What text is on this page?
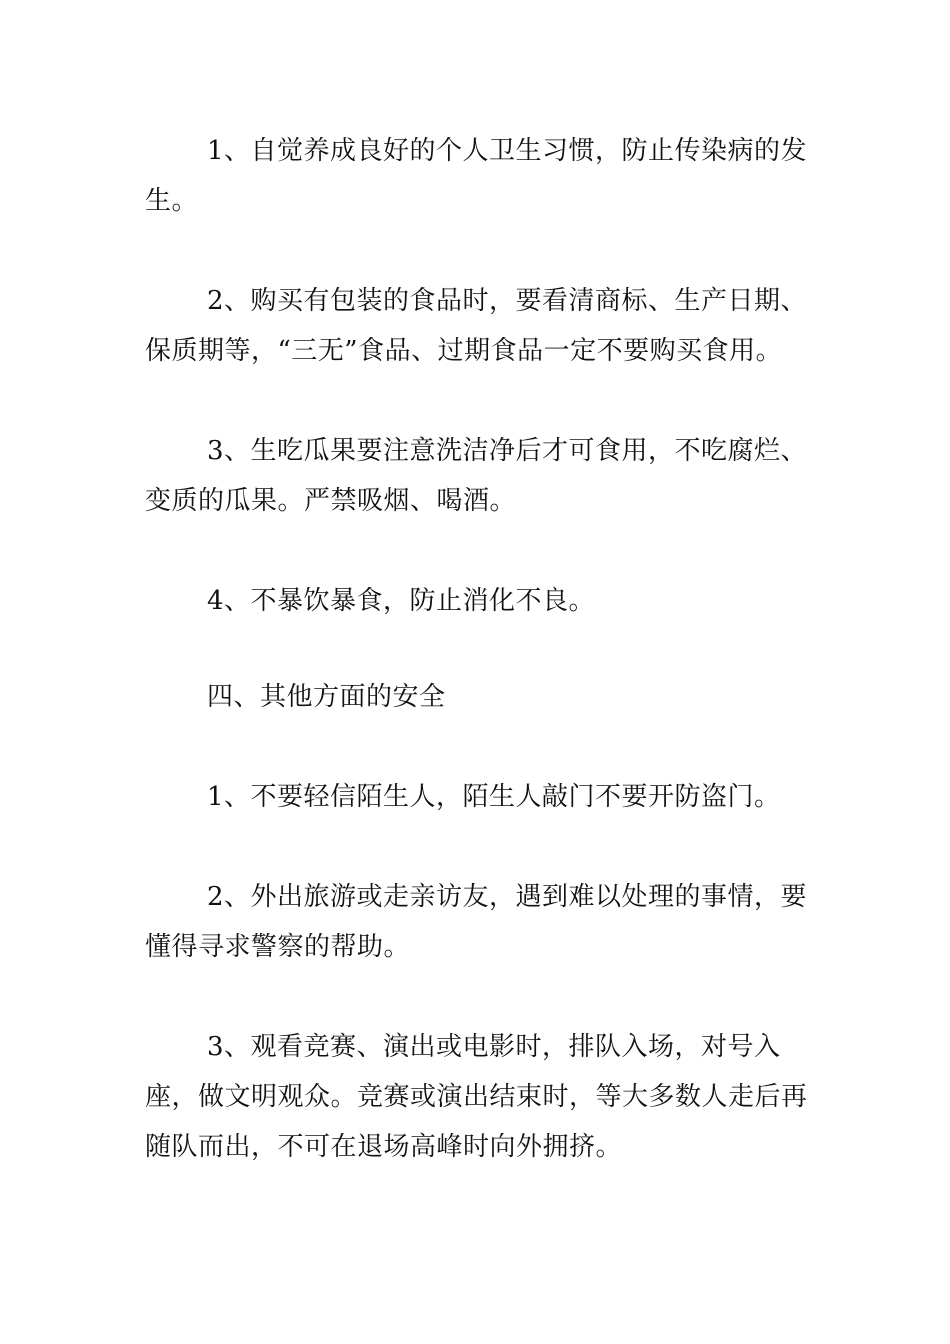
1、自觉养成良好的个人卫生习惯，防止传染病的发生。

2、购买有包装的食品时，要看清商标、生产日期、保质期等，“三无”食品、过期食品一定不要购买食用。

3、生吃瓜果要注意洗洁净后才可食用，不吃腐烂、变质的瓜果。严禁吸烟、喝酒。

4、不暴饮暴食，防止消化不良。

四、其他方面的安全

1、不要轻信陌生人，陌生人敲门不要开防盗门。

2、外出旅游或走亲访友，遇到难以处理的事情，要懂得寻求警察的帮助。

3、观看竞赛、演出或电影时，排队入场，对号入座，做文明观众。竞赛或演出结束时，等大多数人走后再随队而出，不可在退场高峰时向外拥挤。
